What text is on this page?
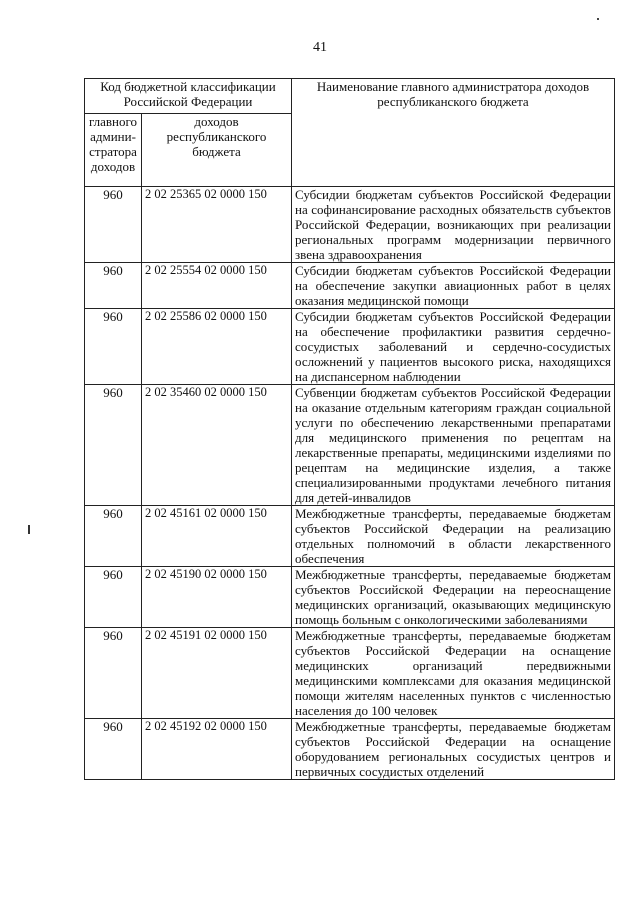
41
Код бюджетной классификации Российской Федерации		Наименование главного администратора доходов республиканского бюджета
главного админи-стратора доходов	доходов республиканского бюджета	
960	2 02 25365 02 0000 150	Субсидии бюджетам субъектов Российской Федерации на софинансирование расходных обязательств субъектов Российской Федерации, возникающих при реализации региональных программ модернизации первичного звена здравоохранения
960	2 02 25554 02 0000 150	Субсидии бюджетам субъектов Российской Федерации на обеспечение закупки авиационных работ в целях оказания медицинской помощи
960	2 02 25586 02 0000 150	Субсидии бюджетам субъектов Российской Федерации на обеспечение профилактики развития сердечно-сосудистых заболеваний и сердечно-сосудистых осложнений у пациентов высокого риска, находящихся на диспансерном наблюдении
960	2 02 35460 02 0000 150	Субвенции бюджетам субъектов Российской Федерации на оказание отдельным категориям граждан социальной услуги по обеспечению лекарственными препаратами для медицинского применения по рецептам на лекарственные препараты, медицинскими изделиями по рецептам на медицинские изделия, а также специализированными продуктами лечебного питания для детей-инвалидов
960	2 02 45161 02 0000 150	Межбюджетные трансферты, передаваемые бюджетам субъектов Российской Федерации на реализацию отдельных полномочий в области лекарственного обеспечения
960	2 02 45190 02 0000 150	Межбюджетные трансферты, передаваемые бюджетам субъектов Российской Федерации на переоснащение медицинских организаций, оказывающих медицинскую помощь больным с онкологическими заболеваниями
960	2 02 45191 02 0000 150	Межбюджетные трансферты, передаваемые бюджетам субъектов Российской Федерации на оснащение медицинских организаций передвижными медицинскими комплексами для оказания медицинской помощи жителям населенных пунктов с численностью населения до 100 человек
960	2 02 45192 02 0000 150	Межбюджетные трансферты, передаваемые бюджетам субъектов Российской Федерации на оснащение оборудованием региональных сосудистых центров и первичных сосудистых отделений
